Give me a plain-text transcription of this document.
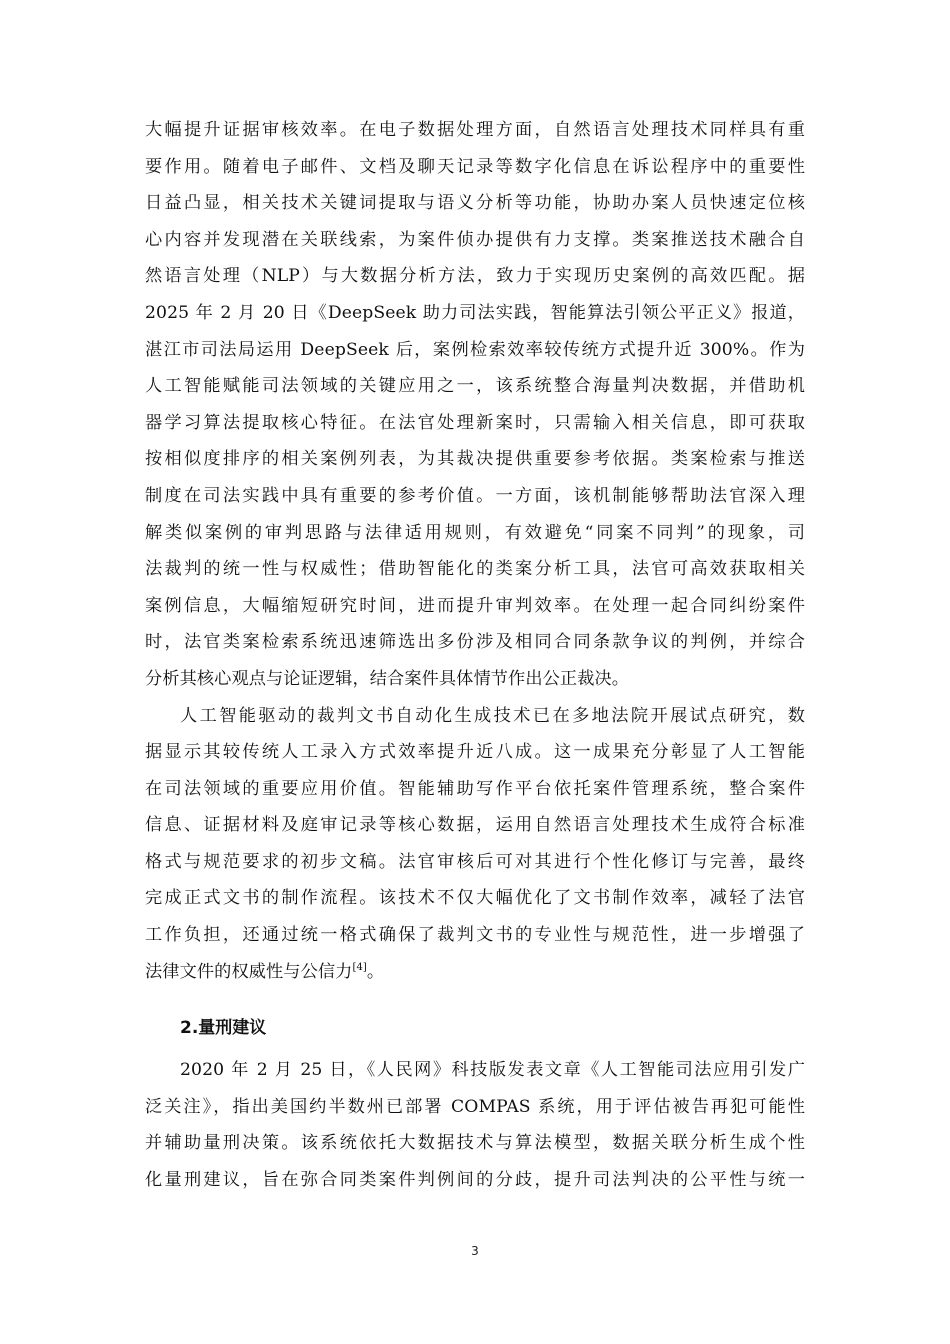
大幅提升证据审核效率。在电子数据处理方面，自然语言处理技术同样具有重
要作用。随着电子邮件、文档及聊天记录等数字化信息在诉讼程序中的重要性
日益凸显，相关技术关键词提取与语义分析等功能，协助办案人员快速定位核
心内容并发现潜在关联线索，为案件侦办提供有力支撑。类案推送技术融合自
然语言处理（NLP）与大数据分析方法，致力于实现历史案例的高效匹配。据
2025 年 2 月 20 日《DeepSeek 助力司法实践，智能算法引领公平正义》报道，
湛江市司法局运用 DeepSeek 后，案例检索效率较传统方式提升近 300%。作为
人工智能赋能司法领域的关键应用之一，该系统整合海量判决数据，并借助机
器学习算法提取核心特征。在法官处理新案时，只需输入相关信息，即可获取
按相似度排序的相关案例列表，为其裁决提供重要参考依据。类案检索与推送
制度在司法实践中具有重要的参考价值。一方面，该机制能够帮助法官深入理
解类似案例的审判思路与法律适用规则，有效避免“同案不同判”的现象，司
法裁判的统一性与权威性；借助智能化的类案分析工具，法官可高效获取相关
案例信息，大幅缩短研究时间，进而提升审判效率。在处理一起合同纠纷案件
时，法官类案检索系统迅速筛选出多份涉及相同合同条款争议的判例，并综合
分析其核心观点与论证逻辑，结合案件具体情节作出公正裁决。
人工智能驱动的裁判文书自动化生成技术已在多地法院开展试点研究，数
据显示其较传统人工录入方式效率提升近八成。这一成果充分彰显了人工智能
在司法领域的重要应用价值。智能辅助写作平台依托案件管理系统，整合案件
信息、证据材料及庭审记录等核心数据，运用自然语言处理技术生成符合标准
格式与规范要求的初步文稿。法官审核后可对其进行个性化修订与完善，最终
完成正式文书的制作流程。该技术不仅大幅优化了文书制作效率，减轻了法官
工作负担，还通过统一格式确保了裁判文书的专业性与规范性，进一步增强了
法律文件的权威性与公信力[4]。
2.量刑建议
2020 年 2 月 25 日，《人民网》科技版发表文章《人工智能司法应用引发广
泛关注》，指出美国约半数州已部署 COMPAS 系统，用于评估被告再犯可能性
并辅助量刑决策。该系统依托大数据技术与算法模型，数据关联分析生成个性
化量刑建议，旨在弥合同类案件判例间的分歧，提升司法判决的公平性与统一
3
